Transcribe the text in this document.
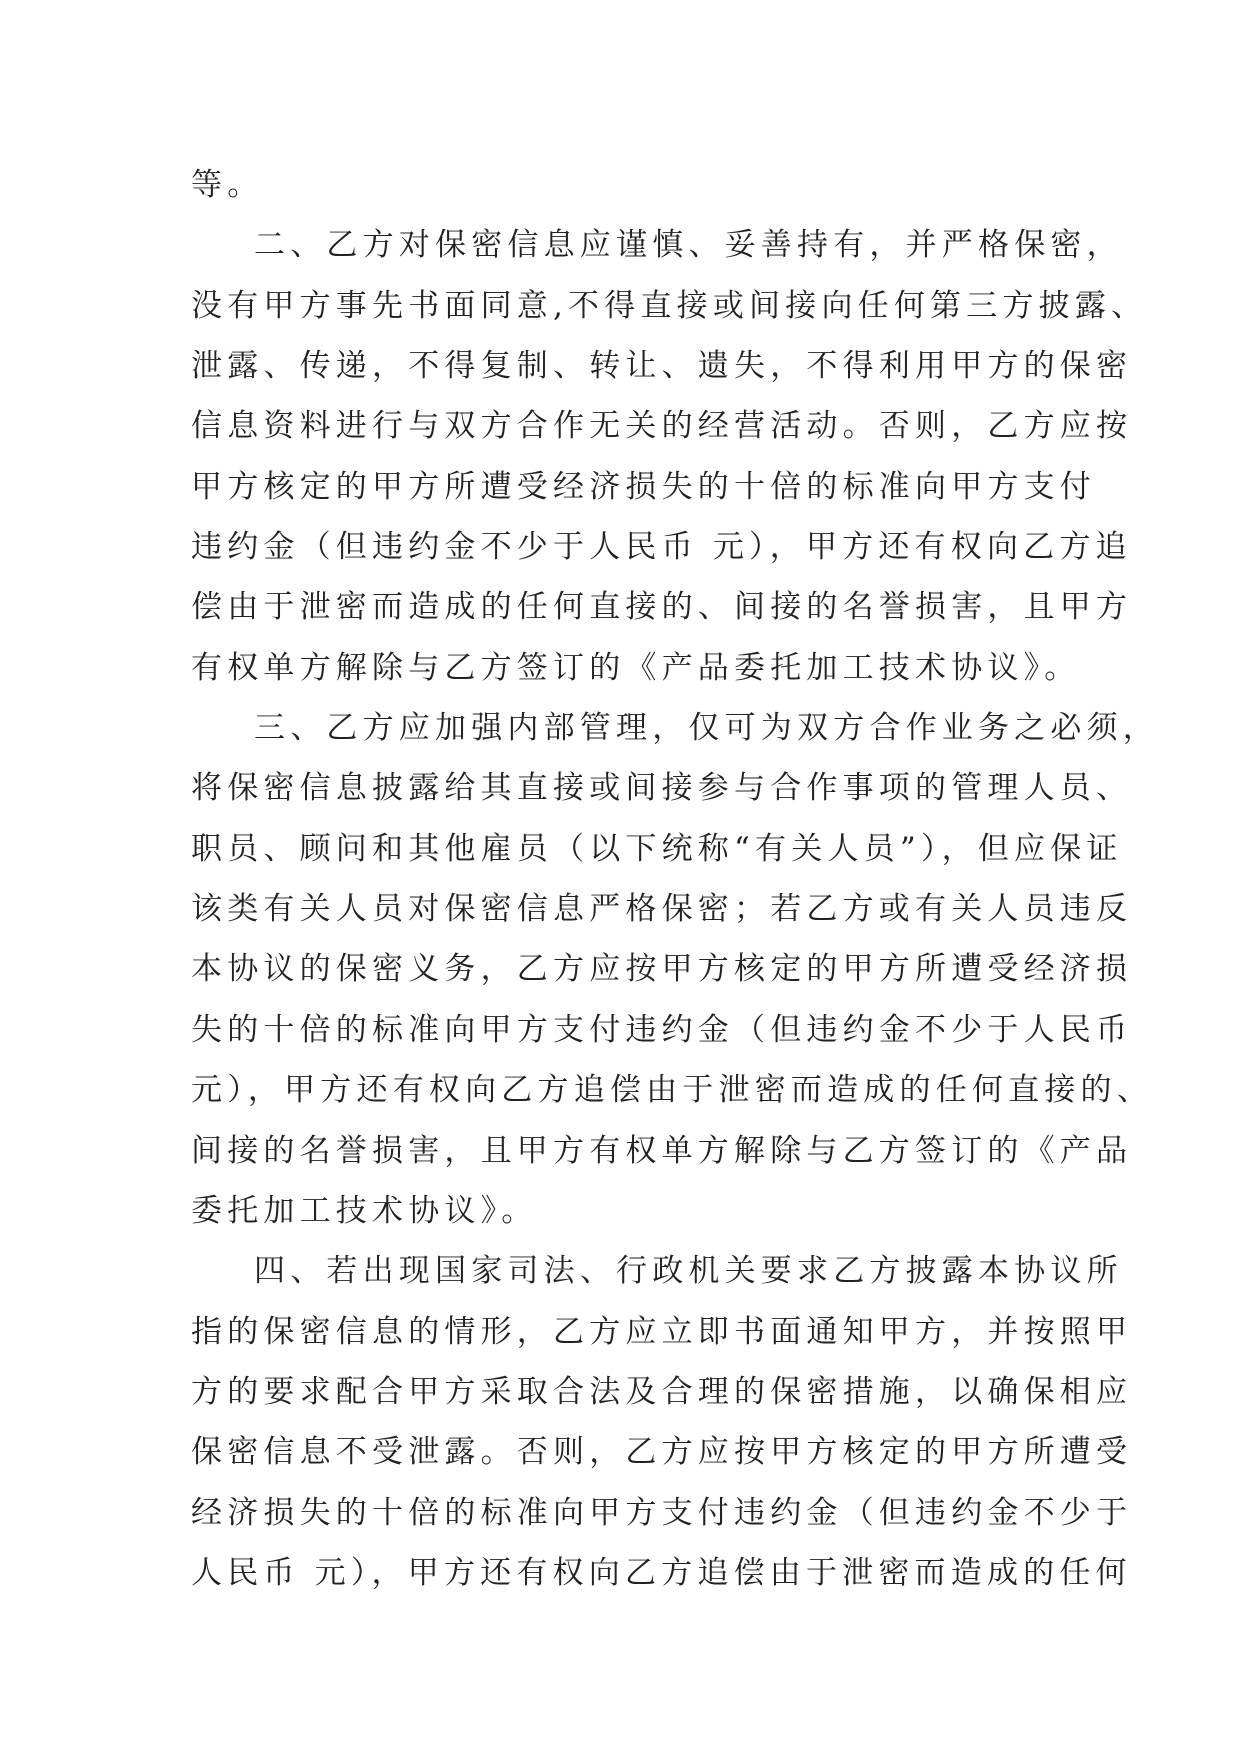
等。
二、乙方对保密信息应谨慎、妥善持有，并严格保密，
没有甲方事先书面同意,不得直接或间接向任何第三方披露、
泄露、传递，不得复制、转让、遗失，不得利用甲方的保密
信息资料进行与双方合作无关的经营活动。否则，乙方应按
甲方核定的甲方所遭受经济损失的十倍的标准向甲方支付
违约金（但违约金不少于人民币 元），甲方还有权向乙方追
偿由于泄密而造成的任何直接的、间接的名誉损害，且甲方
有权单方解除与乙方签订的《产品委托加工技术协议》。
三、乙方应加强内部管理，仅可为双方合作业务之必须，
将保密信息披露给其直接或间接参与合作事项的管理人员、
职员、顾问和其他雇员（以下统称“有关人员”），但应保证
该类有关人员对保密信息严格保密；若乙方或有关人员违反
本协议的保密义务，乙方应按甲方核定的甲方所遭受经济损
失的十倍的标准向甲方支付违约金（但违约金不少于人民币
元），甲方还有权向乙方追偿由于泄密而造成的任何直接的、
间接的名誉损害，且甲方有权单方解除与乙方签订的《产品
委托加工技术协议》。
四、若出现国家司法、行政机关要求乙方披露本协议所
指的保密信息的情形，乙方应立即书面通知甲方，并按照甲
方的要求配合甲方采取合法及合理的保密措施，以确保相应
保密信息不受泄露。否则，乙方应按甲方核定的甲方所遭受
经济损失的十倍的标准向甲方支付违约金（但违约金不少于
人民币 元），甲方还有权向乙方追偿由于泄密而造成的任何
